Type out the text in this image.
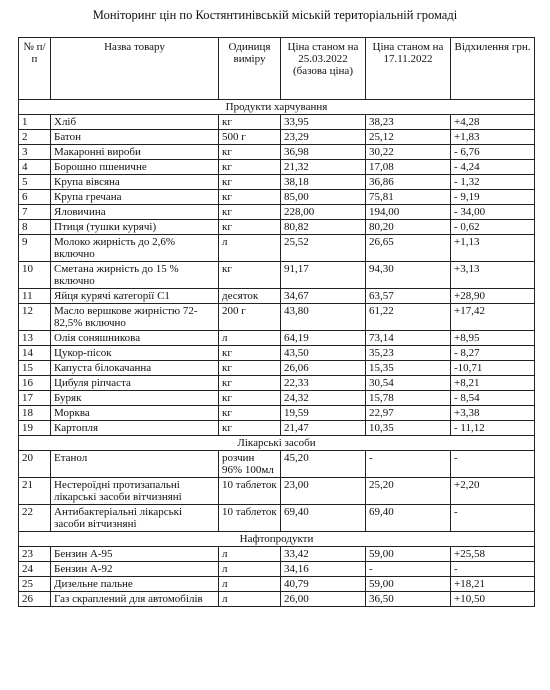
Моніторинг цін по Костянтинівській міській територіальній громаді
№ п/п	Назва товару	Одиниця виміру	Ціна станом на 25.03.2022 (базова ціна)	Ціна станом на 17.11.2022	Відхилення грн.
Продукти харчування					
1	Хліб	кг	33,95	38,23	+4,28
2	Батон	500 г	23,29	25,12	+1,83
3	Макаронні вироби	кг	36,98	30,22	- 6,76
4	Борошно пшеничне	кг	21,32	17,08	- 4,24
5	Крупа вівсяна	кг	38,18	36,86	- 1,32
6	Крупа гречана	кг	85,00	75,81	- 9,19
7	Яловичина	кг	228,00	194,00	- 34,00
8	Птиця (тушки курячі)	кг	80,82	80,20	- 0,62
9	Молоко жирність до 2,6% включно	л	25,52	26,65	+1,13
10	Сметана жирність до 15 % включно	кг	91,17	94,30	+3,13
11	Яйця курячі категорії С1	десяток	34,67	63,57	+28,90
12	Масло вершкове жирністю 72-82,5% включно	200 г	43,80	61,22	+17,42
13	Олія соняшникова	л	64,19	73,14	+8,95
14	Цукор-пісок	кг	43,50	35,23	- 8,27
15	Капуста білокачанна	кг	26,06	15,35	-10,71
16	Цибуля ріпчаста	кг	22,33	30,54	+8,21
17	Буряк	кг	24,32	15,78	- 8,54
18	Морква	кг	19,59	22,97	+3,38
19	Картопля	кг	21,47	10,35	- 11,12
Лікарські засоби					
20	Етанол	розчин 96% 100мл	45,20	-	-
21	Нестероїдні протизапальні лікарські засоби вітчизняні	10 таблеток	23,00	25,20	+2,20
22	Антибактеріальні лікарські засоби вітчизняні	10 таблеток	69,40	69,40	-
Нафтопродукти					
23	Бензин А-95	л	33,42	59,00	+25,58
24	Бензин А-92	л	34,16	-	-
25	Дизельне пальне	л	40,79	59,00	+18,21
26	Газ скраплений для автомобілів	л	26,00	36,50	+10,50
